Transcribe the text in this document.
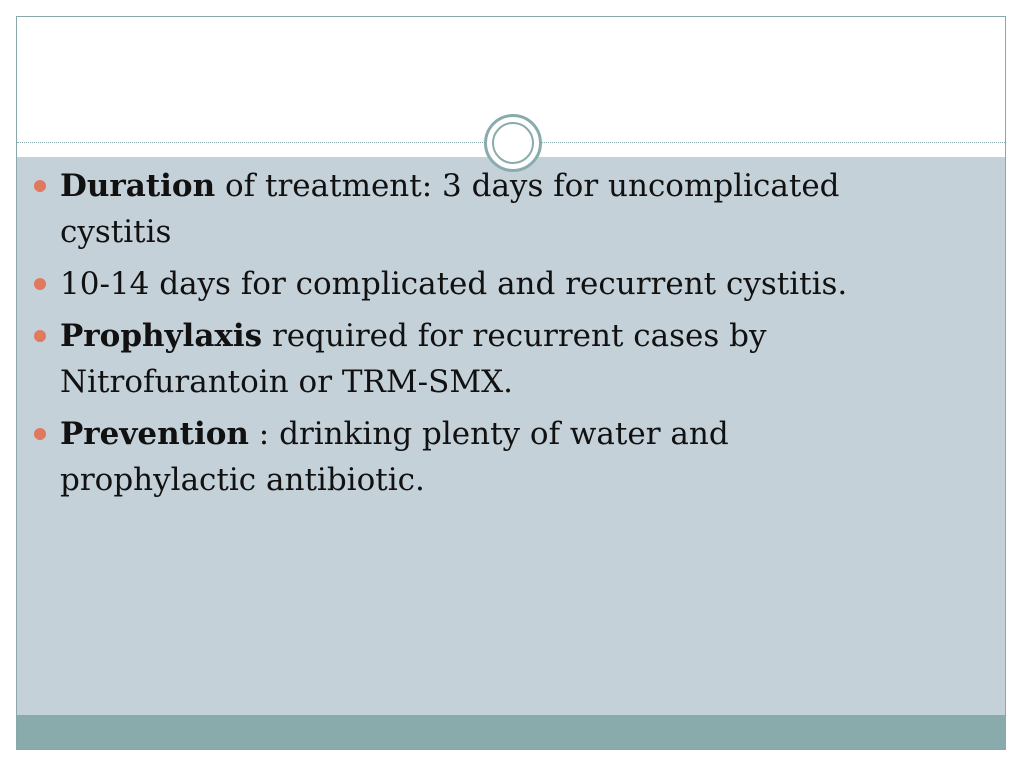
Duration of treatment: 3 days for uncomplicated cystitis
10-14 days for complicated and recurrent cystitis.
Prophylaxis required for recurrent cases by Nitrofurantoin or TRM-SMX.
Prevention : drinking plenty of water and prophylactic antibiotic.
